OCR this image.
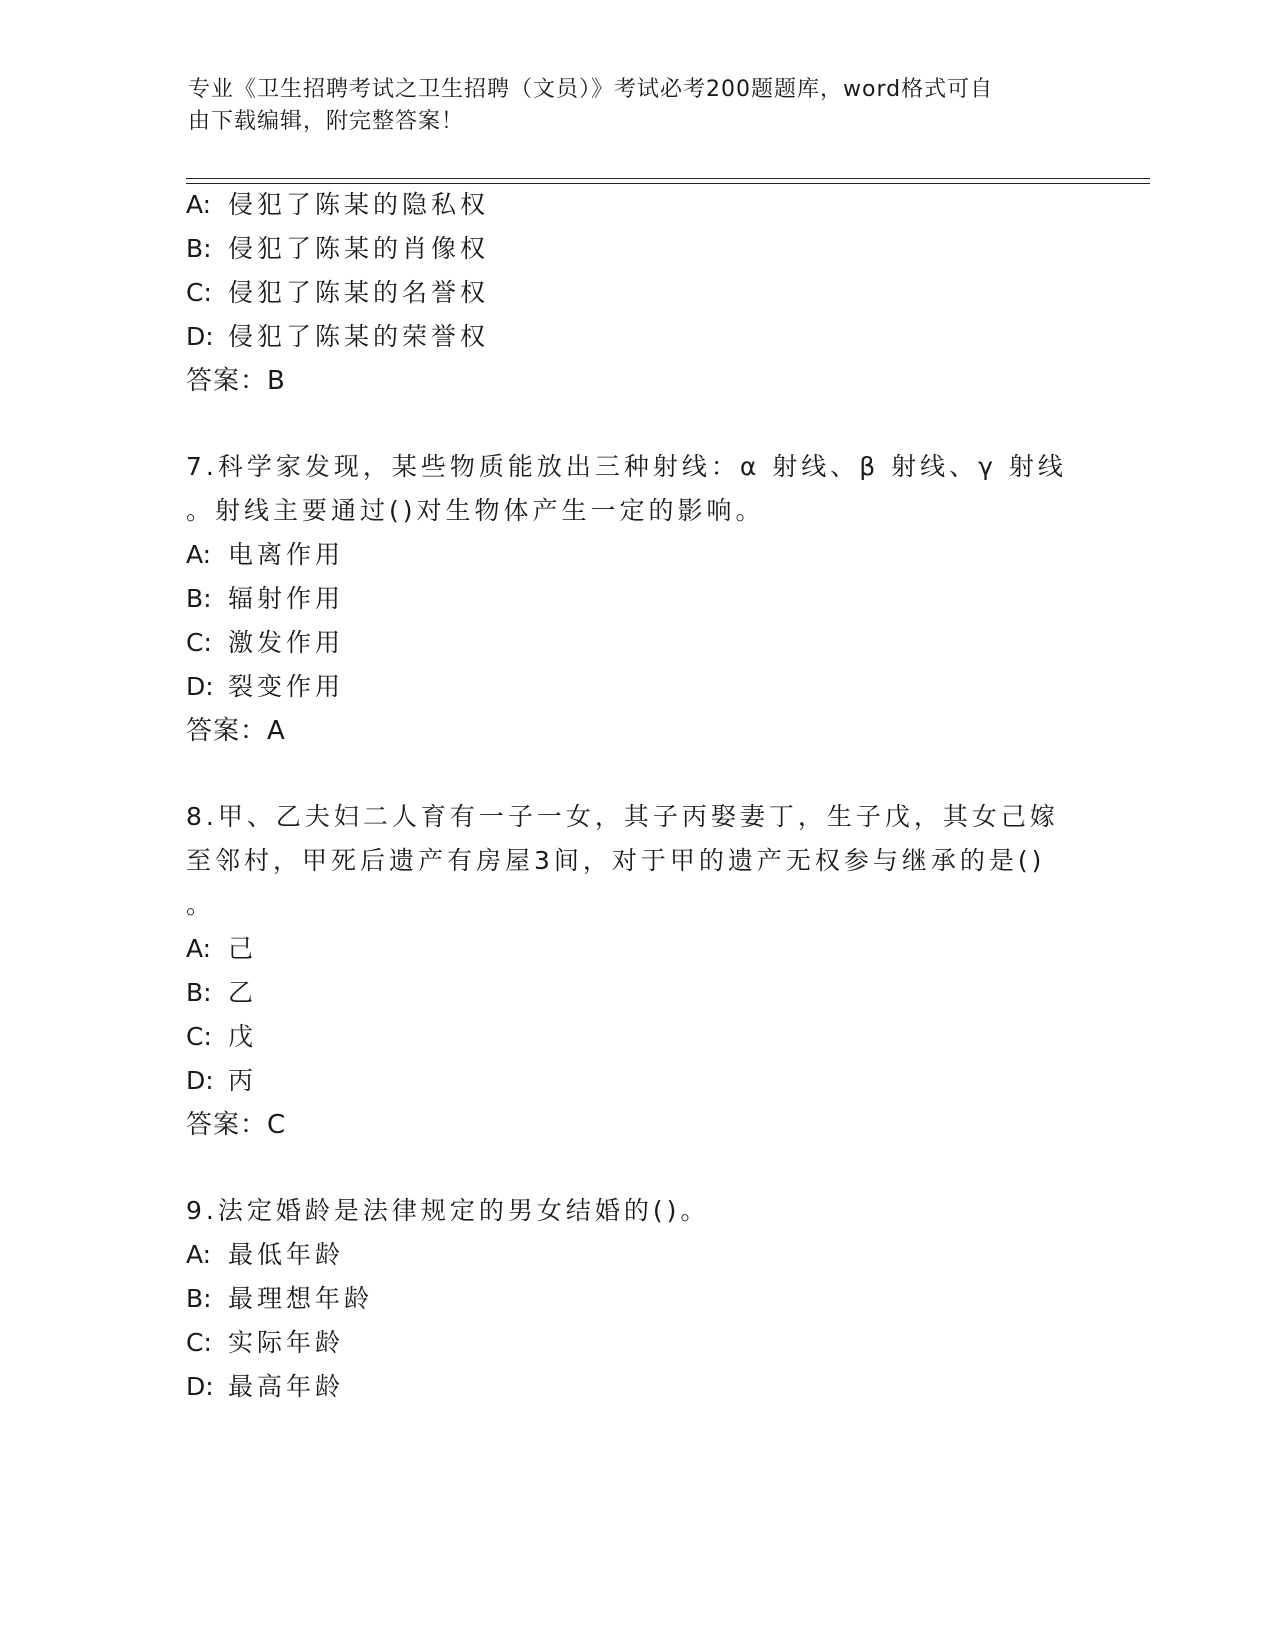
专业《卫生招聘考试之卫生招聘（文员）》考试必考200题题库，word格式可自
由下载编辑，附完整答案！
A: 侵犯了陈某的隐私权
B: 侵犯了陈某的肖像权
C: 侵犯了陈某的名誉权
D: 侵犯了陈某的荣誉权
答案：B
7.科学家发现，某些物质能放出三种射线：α 射线、β 射线、γ 射线
。射线主要通过()对生物体产生一定的影响。
A: 电离作用
B: 辐射作用
C: 激发作用
D: 裂变作用
答案：A
8.甲、乙夫妇二人育有一子一女，其子丙娶妻丁，生子戊，其女己嫁
至邻村，甲死后遗产有房屋3间，对于甲的遗产无权参与继承的是()
。
A: 己
B: 乙
C: 戊
D: 丙
答案：C
9.法定婚龄是法律规定的男女结婚的()。
A: 最低年龄
B: 最理想年龄
C: 实际年龄
D: 最高年龄
